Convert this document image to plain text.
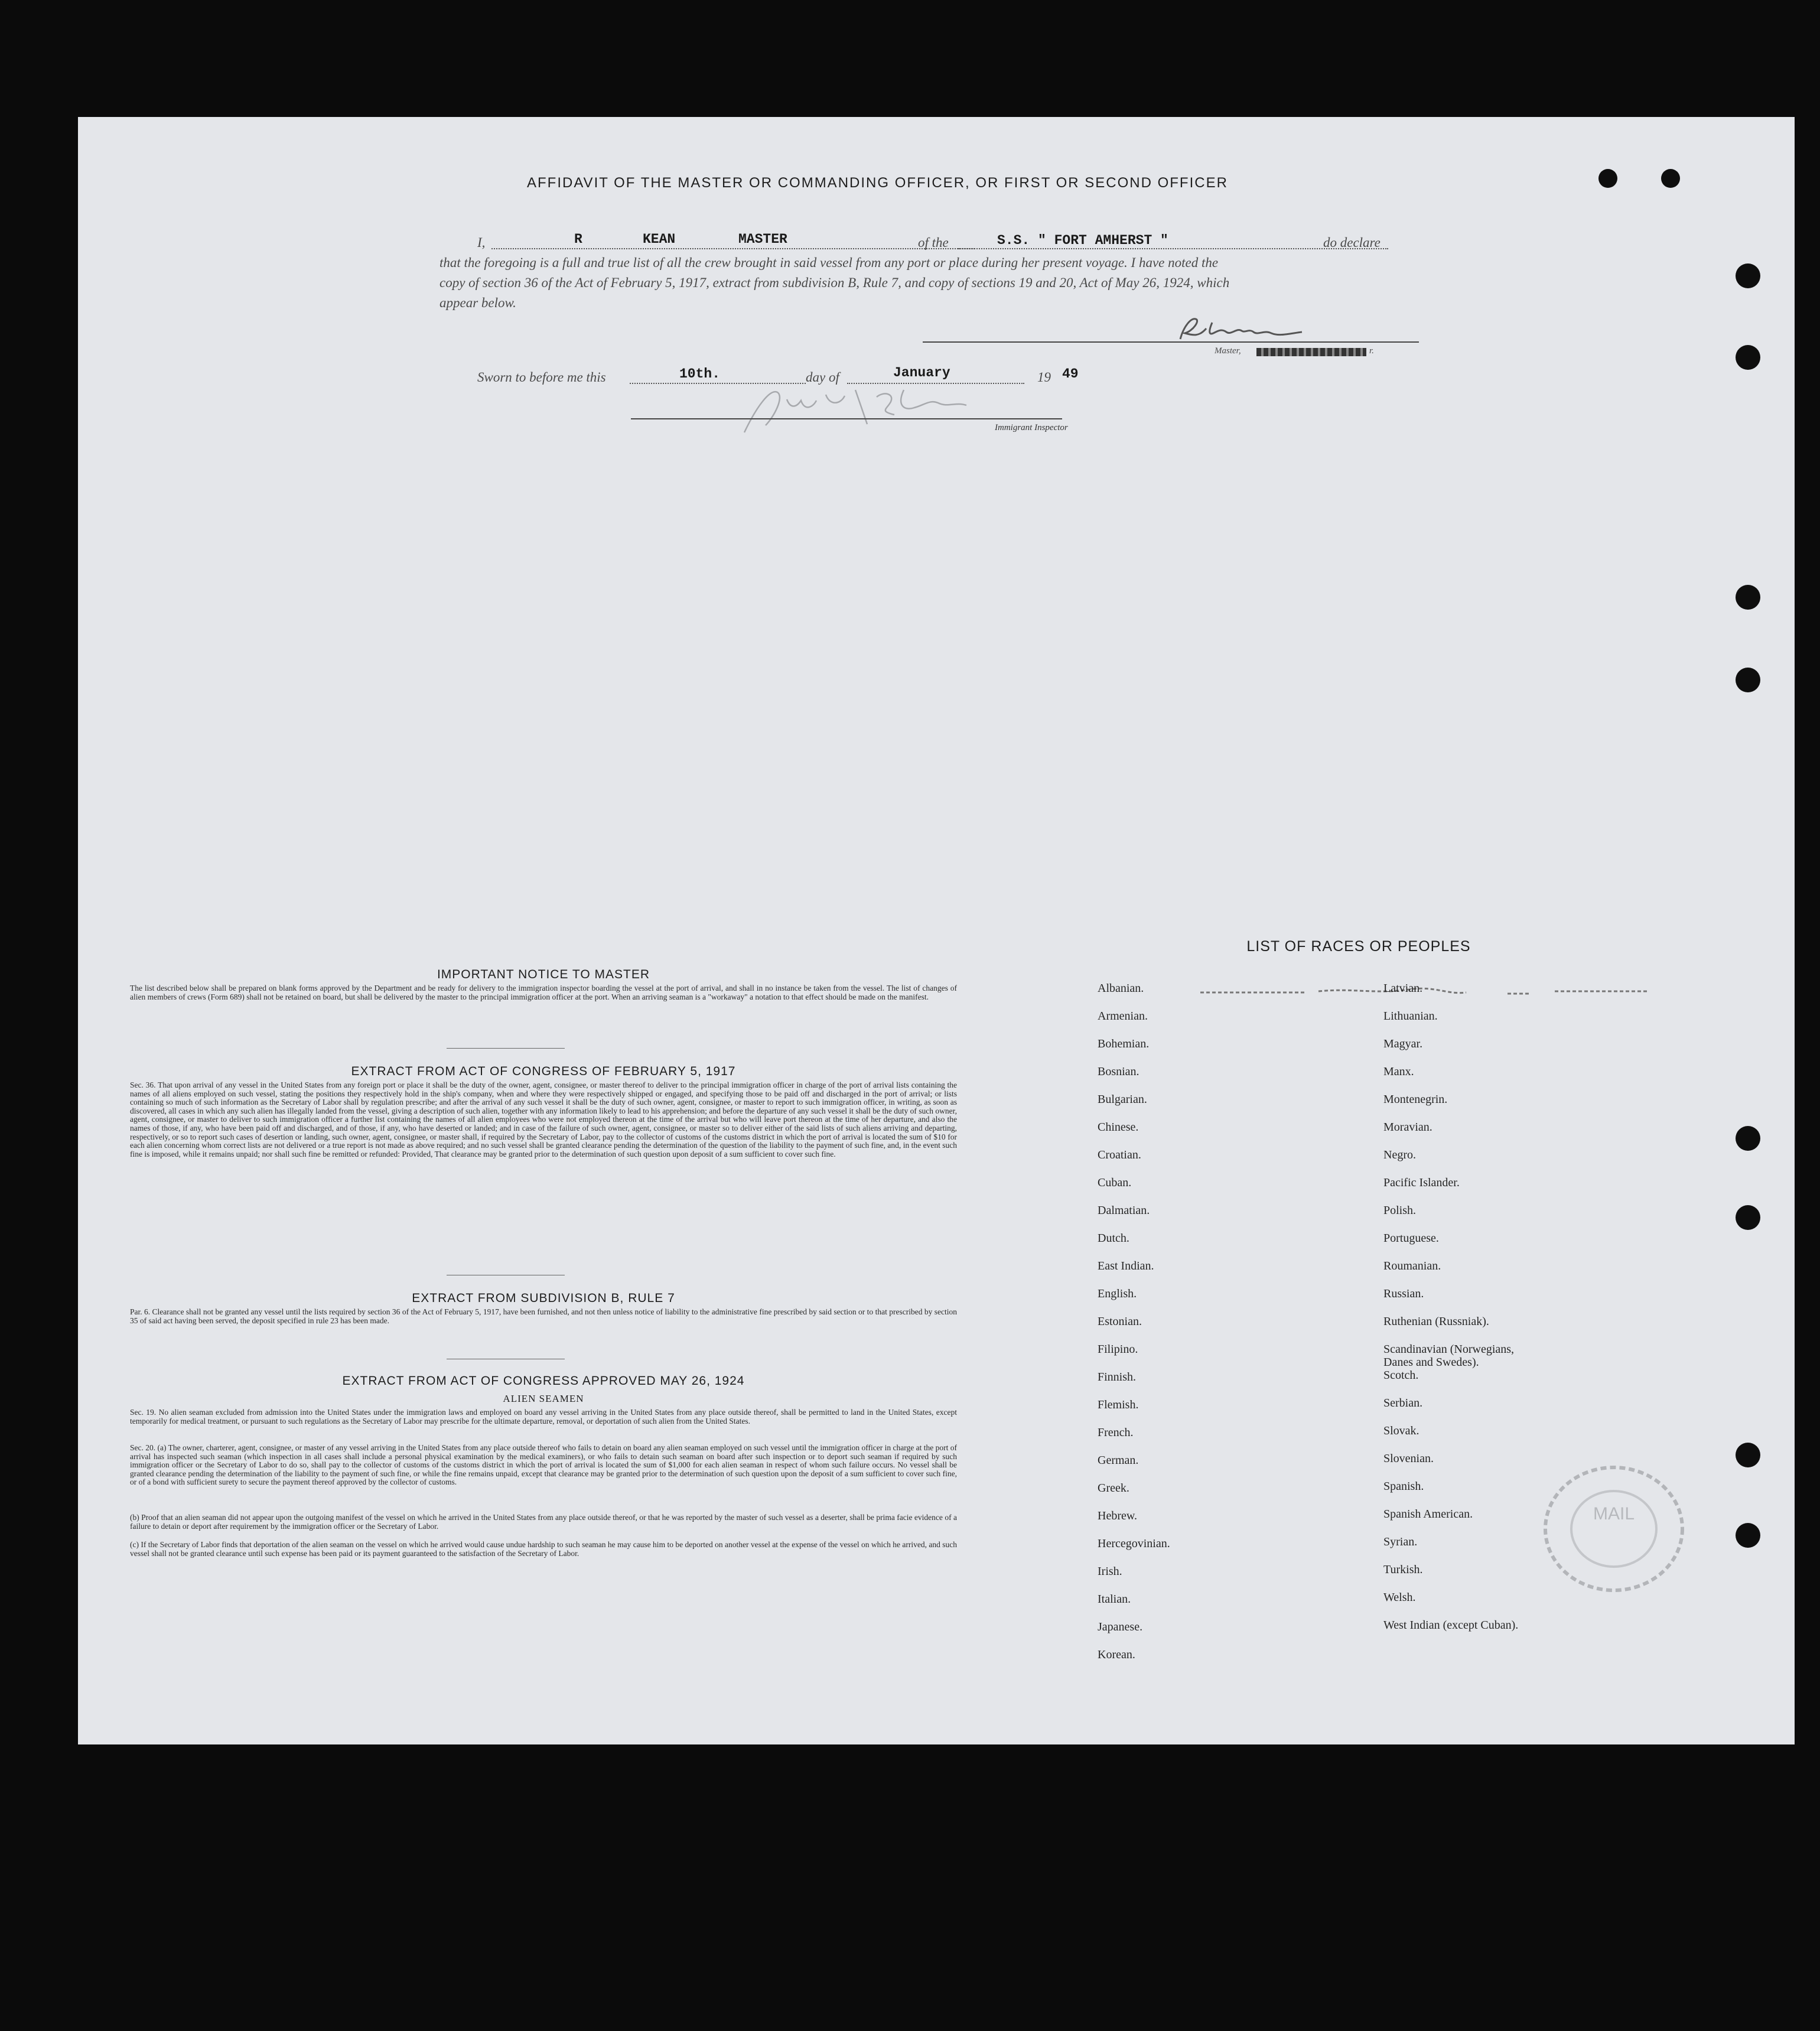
AFFIDAVIT OF THE MASTER OR COMMANDING OFFICER, OR FIRST OR SECOND OFFICER
I,	R	KEAN	MASTER	of the	S.S. " FORT AMHERST "	do declare
that the foregoing is a full and true list of all the crew brought in said vessel from any port or place during her present voyage. I have noted the
copy of section 36 of the Act of February 5, 1917, extract from subdivision B, Rule 7, and copy of sections 19 and 20, Act of May 26, 1924, which
appear below.
Master,	r.
Sworn to before me this	10th.	day of	January	19 49
Immigrant Inspector
IMPORTANT NOTICE TO MASTER
The list described below shall be prepared on blank forms approved by the Department and be ready for delivery to the immigration inspector boarding the vessel at the port of arrival, and shall in no instance be taken from the vessel. The list of changes of alien members of crews (Form 689) shall not be retained on board, but shall be delivered by the master to the principal immigration officer at the port. When an arriving seaman is a "workaway" a notation to that effect should be made on the manifest.
EXTRACT FROM ACT OF CONGRESS OF FEBRUARY 5, 1917
Sec. 36. That upon arrival of any vessel in the United States from any foreign port or place it shall be the duty of the owner, agent, consignee, or master thereof to deliver to the principal immigration officer in charge of the port of arrival lists containing the names of all aliens employed on such vessel, stating the positions they respectively hold in the ship's company, when and where they were respectively shipped or engaged, and specifying those to be paid off and discharged in the port of arrival; or lists containing so much of such information as the Secretary of Labor shall by regulation prescribe; and after the arrival of any such vessel it shall be the duty of such owner, agent, consignee, or master to report to such immigration officer, in writing, as soon as discovered, all cases in which any such alien has illegally landed from the vessel, giving a description of such alien, together with any information likely to lead to his apprehension; and before the departure of any such vessel it shall be the duty of such owner, agent, consignee, or master to deliver to such immigration officer a further list containing the names of all alien employees who were not employed thereon at the time of the arrival but who will leave port thereon at the time of her departure, and also the names of those, if any, who have been paid off and discharged, and of those, if any, who have deserted or landed; and in case of the failure of such owner, agent, consignee, or master so to deliver either of the said lists of such aliens arriving and departing, respectively, or so to report such cases of desertion or landing, such owner, agent, consignee, or master shall, if required by the Secretary of Labor, pay to the collector of customs of the customs district in which the port of arrival is located the sum of $10 for each alien concerning whom correct lists are not delivered or a true report is not made as above required; and no such vessel shall be granted clearance pending the determination of the question of the liability to the payment of such fine, and, in the event such fine is imposed, while it remains unpaid; nor shall such fine be remitted or refunded: Provided, That clearance may be granted prior to the determination of such question upon deposit of a sum sufficient to cover such fine.
EXTRACT FROM SUBDIVISION B, RULE 7
Par. 6. Clearance shall not be granted any vessel until the lists required by section 36 of the Act of February 5, 1917, have been furnished, and not then unless notice of liability to the administrative fine prescribed by said section or to that prescribed by section 35 of said act having been served, the deposit specified in rule 23 has been made.
EXTRACT FROM ACT OF CONGRESS APPROVED MAY 26, 1924
ALIEN SEAMEN
Sec. 19. No alien seaman excluded from admission into the United States under the immigration laws and employed on board any vessel arriving in the United States from any place outside thereof, shall be permitted to land in the United States, except temporarily for medical treatment, or pursuant to such regulations as the Secretary of Labor may prescribe for the ultimate departure, removal, or deportation of such alien from the United States.
Sec. 20. (a) The owner, charterer, agent, consignee, or master of any vessel arriving in the United States from any place outside thereof who fails to detain on board any alien seaman employed on such vessel until the immigration officer in charge at the port of arrival has inspected such seaman (which inspection in all cases shall include a personal physical examination by the medical examiners), or who fails to detain such seaman on board after such inspection or to deport such seaman if required by such immigration officer or the Secretary of Labor to do so, shall pay to the collector of customs of the customs district in which the port of arrival is located the sum of $1,000 for each alien seaman in respect of whom such failure occurs. No vessel shall be granted clearance pending the determination of the liability to the payment of such fine, or while the fine remains unpaid, except that clearance may be granted prior to the determination of such question upon the deposit of a sum sufficient to cover such fine, or of a bond with sufficient surety to secure the payment thereof approved by the collector of customs.
(b) Proof that an alien seaman did not appear upon the outgoing manifest of the vessel on which he arrived in the United States from any place outside thereof, or that he was reported by the master of such vessel as a deserter, shall be prima facie evidence of a failure to detain or deport after requirement by the immigration officer or the Secretary of Labor.
(c) If the Secretary of Labor finds that deportation of the alien seaman on the vessel on which he arrived would cause undue hardship to such seaman he may cause him to be deported on another vessel at the expense of the vessel on which he arrived, and such vessel shall not be granted clearance until such expense has been paid or its payment guaranteed to the satisfaction of the Secretary of Labor.
LIST OF RACES OR PEOPLES
Albanian.
Armenian.
Bohemian.
Bosnian.
Bulgarian.
Chinese.
Croatian.
Cuban.
Dalmatian.
Dutch.
East Indian.
English.
Estonian.
Filipino.
Finnish.
Flemish.
French.
German.
Greek.
Hebrew.
Hercegovinian.
Irish.
Italian.
Japanese.
Korean.
Latvian.
Lithuanian.
Magyar.
Manx.
Montenegrin.
Moravian.
Negro.
Pacific Islander.
Polish.
Portuguese.
Roumanian.
Russian.
Ruthenian (Russniak).
Scandinavian (Norwegians,
Danes and Swedes).
Scotch.
Serbian.
Slovak.
Slovenian.
Spanish.
Spanish American.
Syrian.
Turkish.
Welsh.
West Indian (except Cuban).
MAIL
